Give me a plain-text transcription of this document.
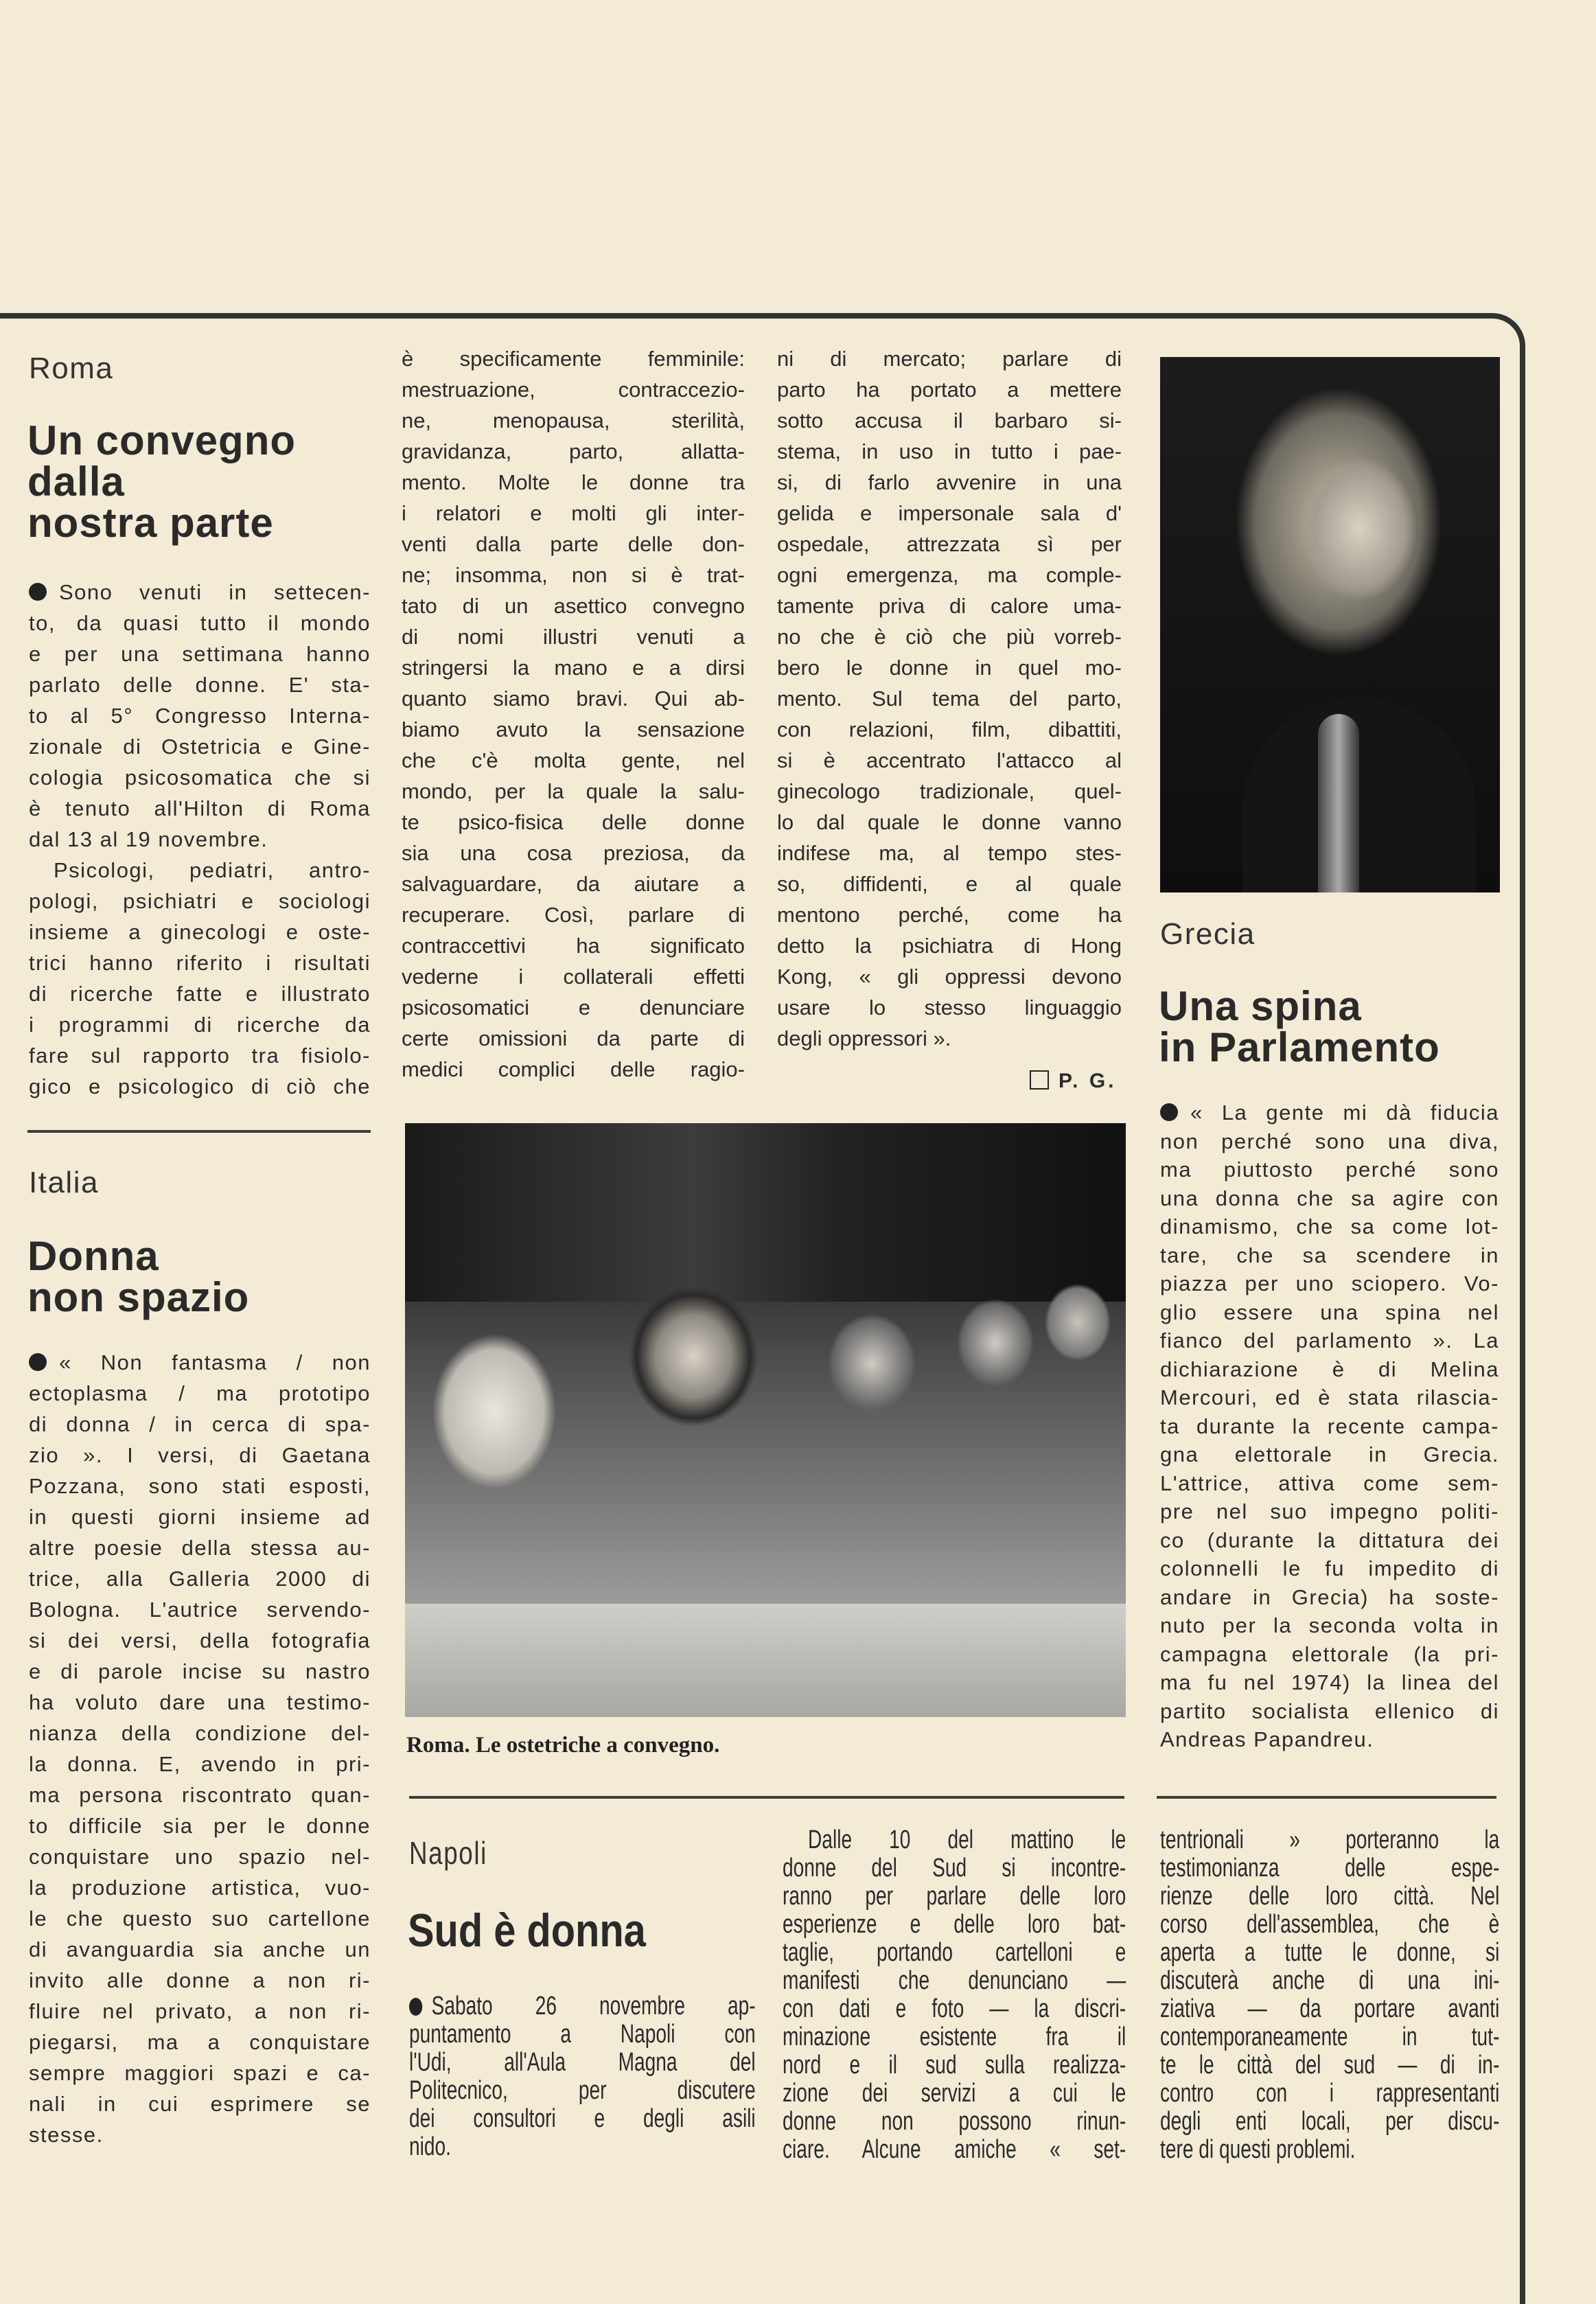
Roma
Un convegno
dalla
nostra parte
Sono venuti in settecen-
to, da quasi tutto il mondo
e per una settimana hanno
parlato delle donne. E' sta-
to al 5° Congresso Interna-
zionale di Ostetricia e Gine-
cologia psicosomatica che si
è tenuto all'Hilton di Roma
dal 13 al 19 novembre.
Psicologi, pediatri, antro-
pologi, psichiatri e sociologi
insieme a ginecologi e oste-
trici hanno riferito i risultati
di ricerche fatte e illustrato
i programmi di ricerche da
fare sul rapporto tra fisiolo-
gico e psicologico di ciò che
è specificamente femminile:
mestruazione, contraccezio-
ne, menopausa, sterilità,
gravidanza, parto, allatta-
mento. Molte le donne tra
i relatori e molti gli inter-
venti dalla parte delle don-
ne; insomma, non si è trat-
tato di un asettico convegno
di nomi illustri venuti a
stringersi la mano e a dirsi
quanto siamo bravi. Qui ab-
biamo avuto la sensazione
che c'è molta gente, nel
mondo, per la quale la salu-
te psico-fisica delle donne
sia una cosa preziosa, da
salvaguardare, da aiutare a
recuperare. Così, parlare di
contraccettivi ha significato
vederne i collaterali effetti
psicosomatici e denunciare
certe omissioni da parte di
medici complici delle ragio-
ni di mercato; parlare di
parto ha portato a mettere
sotto accusa il barbaro si-
stema, in uso in tutto i pae-
si, di farlo avvenire in una
gelida e impersonale sala d'
ospedale, attrezzata sì per
ogni emergenza, ma comple-
tamente priva di calore uma-
no che è ciò che più vorreb-
bero le donne in quel mo-
mento. Sul tema del parto,
con relazioni, film, dibattiti,
si è accentrato l'attacco al
ginecologo tradizionale, quel-
lo dal quale le donne vanno
indifese ma, al tempo stes-
so, diffidenti, e al quale
mentono perché, come ha
detto la psichiatra di Hong
Kong, « gli oppressi devono
usare lo stesso linguaggio
degli oppressori ».
P. G.
Italia
Donna
non spazio
« Non fantasma / non
ectoplasma / ma prototipo
di donna / in cerca di spa-
zio ». I versi, di Gaetana
Pozzana, sono stati esposti,
in questi giorni insieme ad
altre poesie della stessa au-
trice, alla Galleria 2000 di
Bologna. L'autrice servendo-
si dei versi, della fotografia
e di parole incise su nastro
ha voluto dare una testimo-
nianza della condizione del-
la donna. E, avendo in pri-
ma persona riscontrato quan-
to difficile sia per le donne
conquistare uno spazio nel-
la produzione artistica, vuo-
le che questo suo cartellone
di avanguardia sia anche un
invito alle donne a non ri-
fluire nel privato, a non ri-
piegarsi, ma a conquistare
sempre maggiori spazi e ca-
nali in cui esprimere se
stesse.
Grecia
Una spina
in Parlamento
« La gente mi dà fiducia
non perché sono una diva,
ma piuttosto perché sono
una donna che sa agire con
dinamismo, che sa come lot-
tare, che sa scendere in
piazza per uno sciopero. Vo-
glio essere una spina nel
fianco del parlamento ». La
dichiarazione è di Melina
Mercouri, ed è stata rilascia-
ta durante la recente campa-
gna elettorale in Grecia.
L'attrice, attiva come sem-
pre nel suo impegno politi-
co (durante la dittatura dei
colonnelli le fu impedito di
andare in Grecia) ha soste-
nuto per la seconda volta in
campagna elettorale (la pri-
ma fu nel 1974) la linea del
partito socialista ellenico di
Andreas Papandreu.
Roma. Le ostetriche a convegno.
Napoli
Sud è donna
Sabato 26 novembre ap-
puntamento a Napoli con
l'Udi, all'Aula Magna del
Politecnico, per discutere
dei consultori e degli asili
nido.
Dalle 10 del mattino le
donne del Sud si incontre-
ranno per parlare delle loro
esperienze e delle loro bat-
taglie, portando cartelloni e
manifesti che denunciano —
con dati e foto — la discri-
minazione esistente fra il
nord e il sud sulla realizza-
zione dei servizi a cui le
donne non possono rinun-
ciare. Alcune amiche « set-
tentrionali » porteranno la
testimonianza delle espe-
rienze delle loro città. Nel
corso dell'assemblea, che è
aperta a tutte le donne, si
discuterà anche di una ini-
ziativa — da portare avanti
contemporaneamente in tut-
te le città del sud — di in-
contro con i rappresentanti
degli enti locali, per discu-
tere di questi problemi.
